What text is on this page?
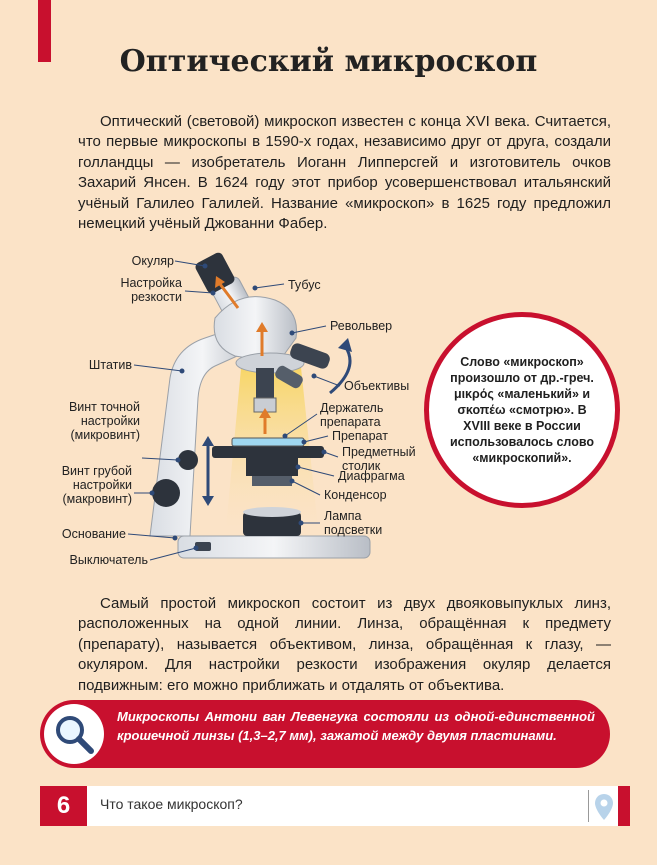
Оптический микроскоп
Оптический (световой) микроскоп известен с конца XVI века. Считается, что первые микроскопы в 1590-х годах, независимо друг от друга, создали голландцы — изобретатель Иоганн Липперсгей и изготовитель очков Захарий Янсен. В 1624 году этот прибор усовершенствовал итальянский учёный Галилео Галилей. Название «микроскоп» в 1625 году предложил немецкий учёный Джованни Фабер.
Окуляр
Настройка резкости
Тубус
Револьвер
Штатив
Объективы
Держатель препарата
Препарат
Предметный столик
Диафрагма
Конденсор
Лампа подсветки
Винт точной настройки (микровинт)
Винт грубой настройки (макровинт)
Основание
Выключатель
Слово «микроскоп» произошло от др.-греч. μικρός «маленький» и σκοπέω «смотрю». В XVIII веке в России использовалось слово «микроскопий».
Самый простой микроскоп состоит из двух двояковыпуклых линз, расположенных на одной линии. Линза, обращённая к предмету (препарату), называется объективом, линза, обращённая к глазу, — окуляром. Для настройки резкости изображения окуляр делается подвижным: его можно приближать и отдалять от объектива.
Микроскопы Антони ван Левенгука состояли из одной-единственной крошечной линзы (1,3–2,7 мм), зажатой между двумя пластинами.
6	Что такое микроскоп?
